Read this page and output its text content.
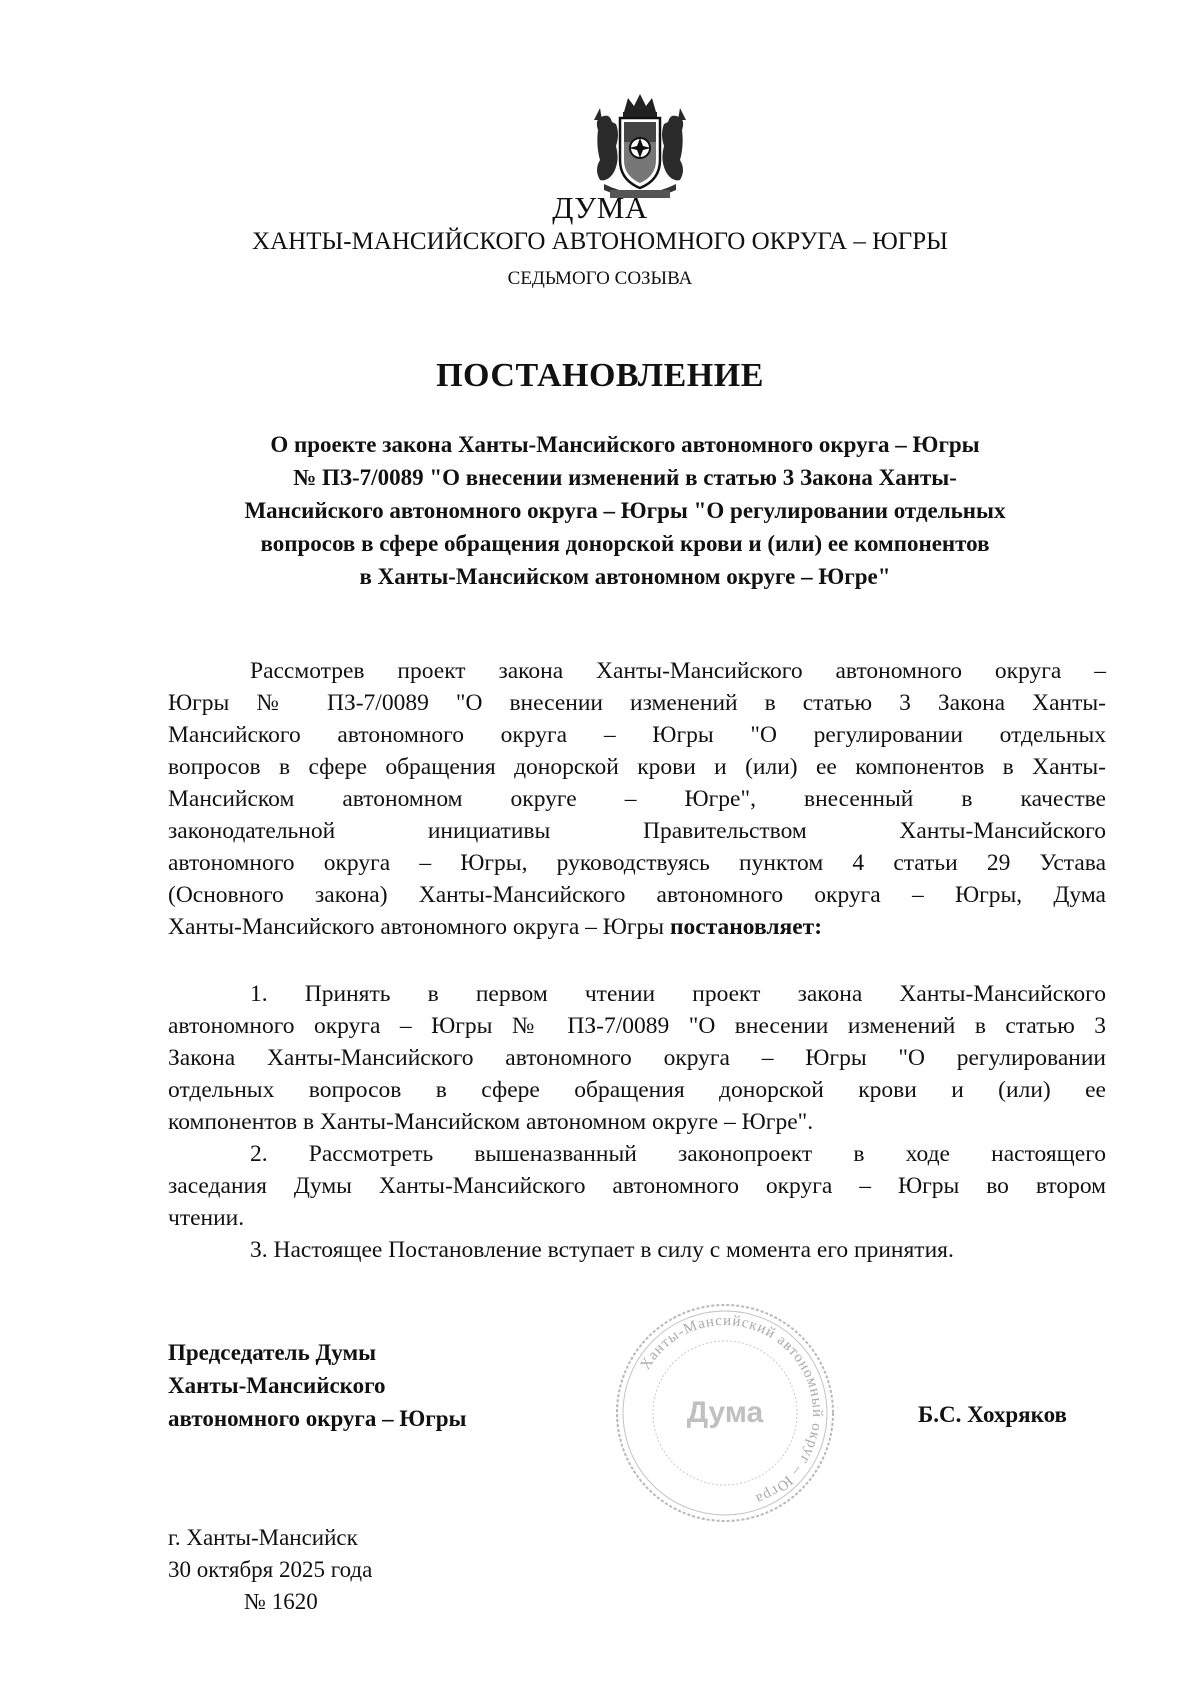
ДУМА
ХАНТЫ-МАНСИЙСКОГО АВТОНОМНОГО ОКРУГА – ЮГРЫ
СЕДЬМОГО СОЗЫВА
ПОСТАНОВЛЕНИЕ
О проекте закона Ханты-Мансийского автономного округа – Югры
№ ПЗ-7/0089 "О внесении изменений в статью 3 Закона Ханты-
Мансийского автономного округа – Югры "О регулировании отдельных
вопросов в сфере обращения донорской крови и (или) ее компонентов
в Ханты-Мансийском автономном округе – Югре"
Рассмотрев проект закона Ханты-Мансийского автономного округа –
Югры № ПЗ-7/0089 "О внесении изменений в статью 3 Закона Ханты-
Мансийского автономного округа – Югры "О регулировании отдельных
вопросов в сфере обращения донорской крови и (или) ее компонентов в Ханты-
Мансийском автономном округе – Югре", внесенный в качестве
законодательной инициативы Правительством Ханты-Мансийского
автономного округа – Югры, руководствуясь пунктом 4 статьи 29 Устава
(Основного закона) Ханты-Мансийского автономного округа – Югры, Дума
Ханты-Мансийского автономного округа – Югры постановляет:
1. Принять в первом чтении проект закона Ханты-Мансийского
автономного округа – Югры № ПЗ-7/0089 "О внесении изменений в статью 3
Закона Ханты-Мансийского автономного округа – Югры "О регулировании
отдельных вопросов в сфере обращения донорской крови и (или) ее
компонентов в Ханты-Мансийском автономном округе – Югре".
2. Рассмотреть вышеназванный законопроект в ходе настоящего
заседания Думы Ханты-Мансийского автономного округа – Югры во втором
чтении.
3. Настоящее Постановление вступает в силу с момента его принятия.
Председатель Думы
Ханты-Мансийского
автономного округа – Югры
Ханты-Мансийский автономный округ – Югра
Дума	Б.С. Хохряков
г. Ханты-Мансийск
30 октября 2025 года
№ 1620
